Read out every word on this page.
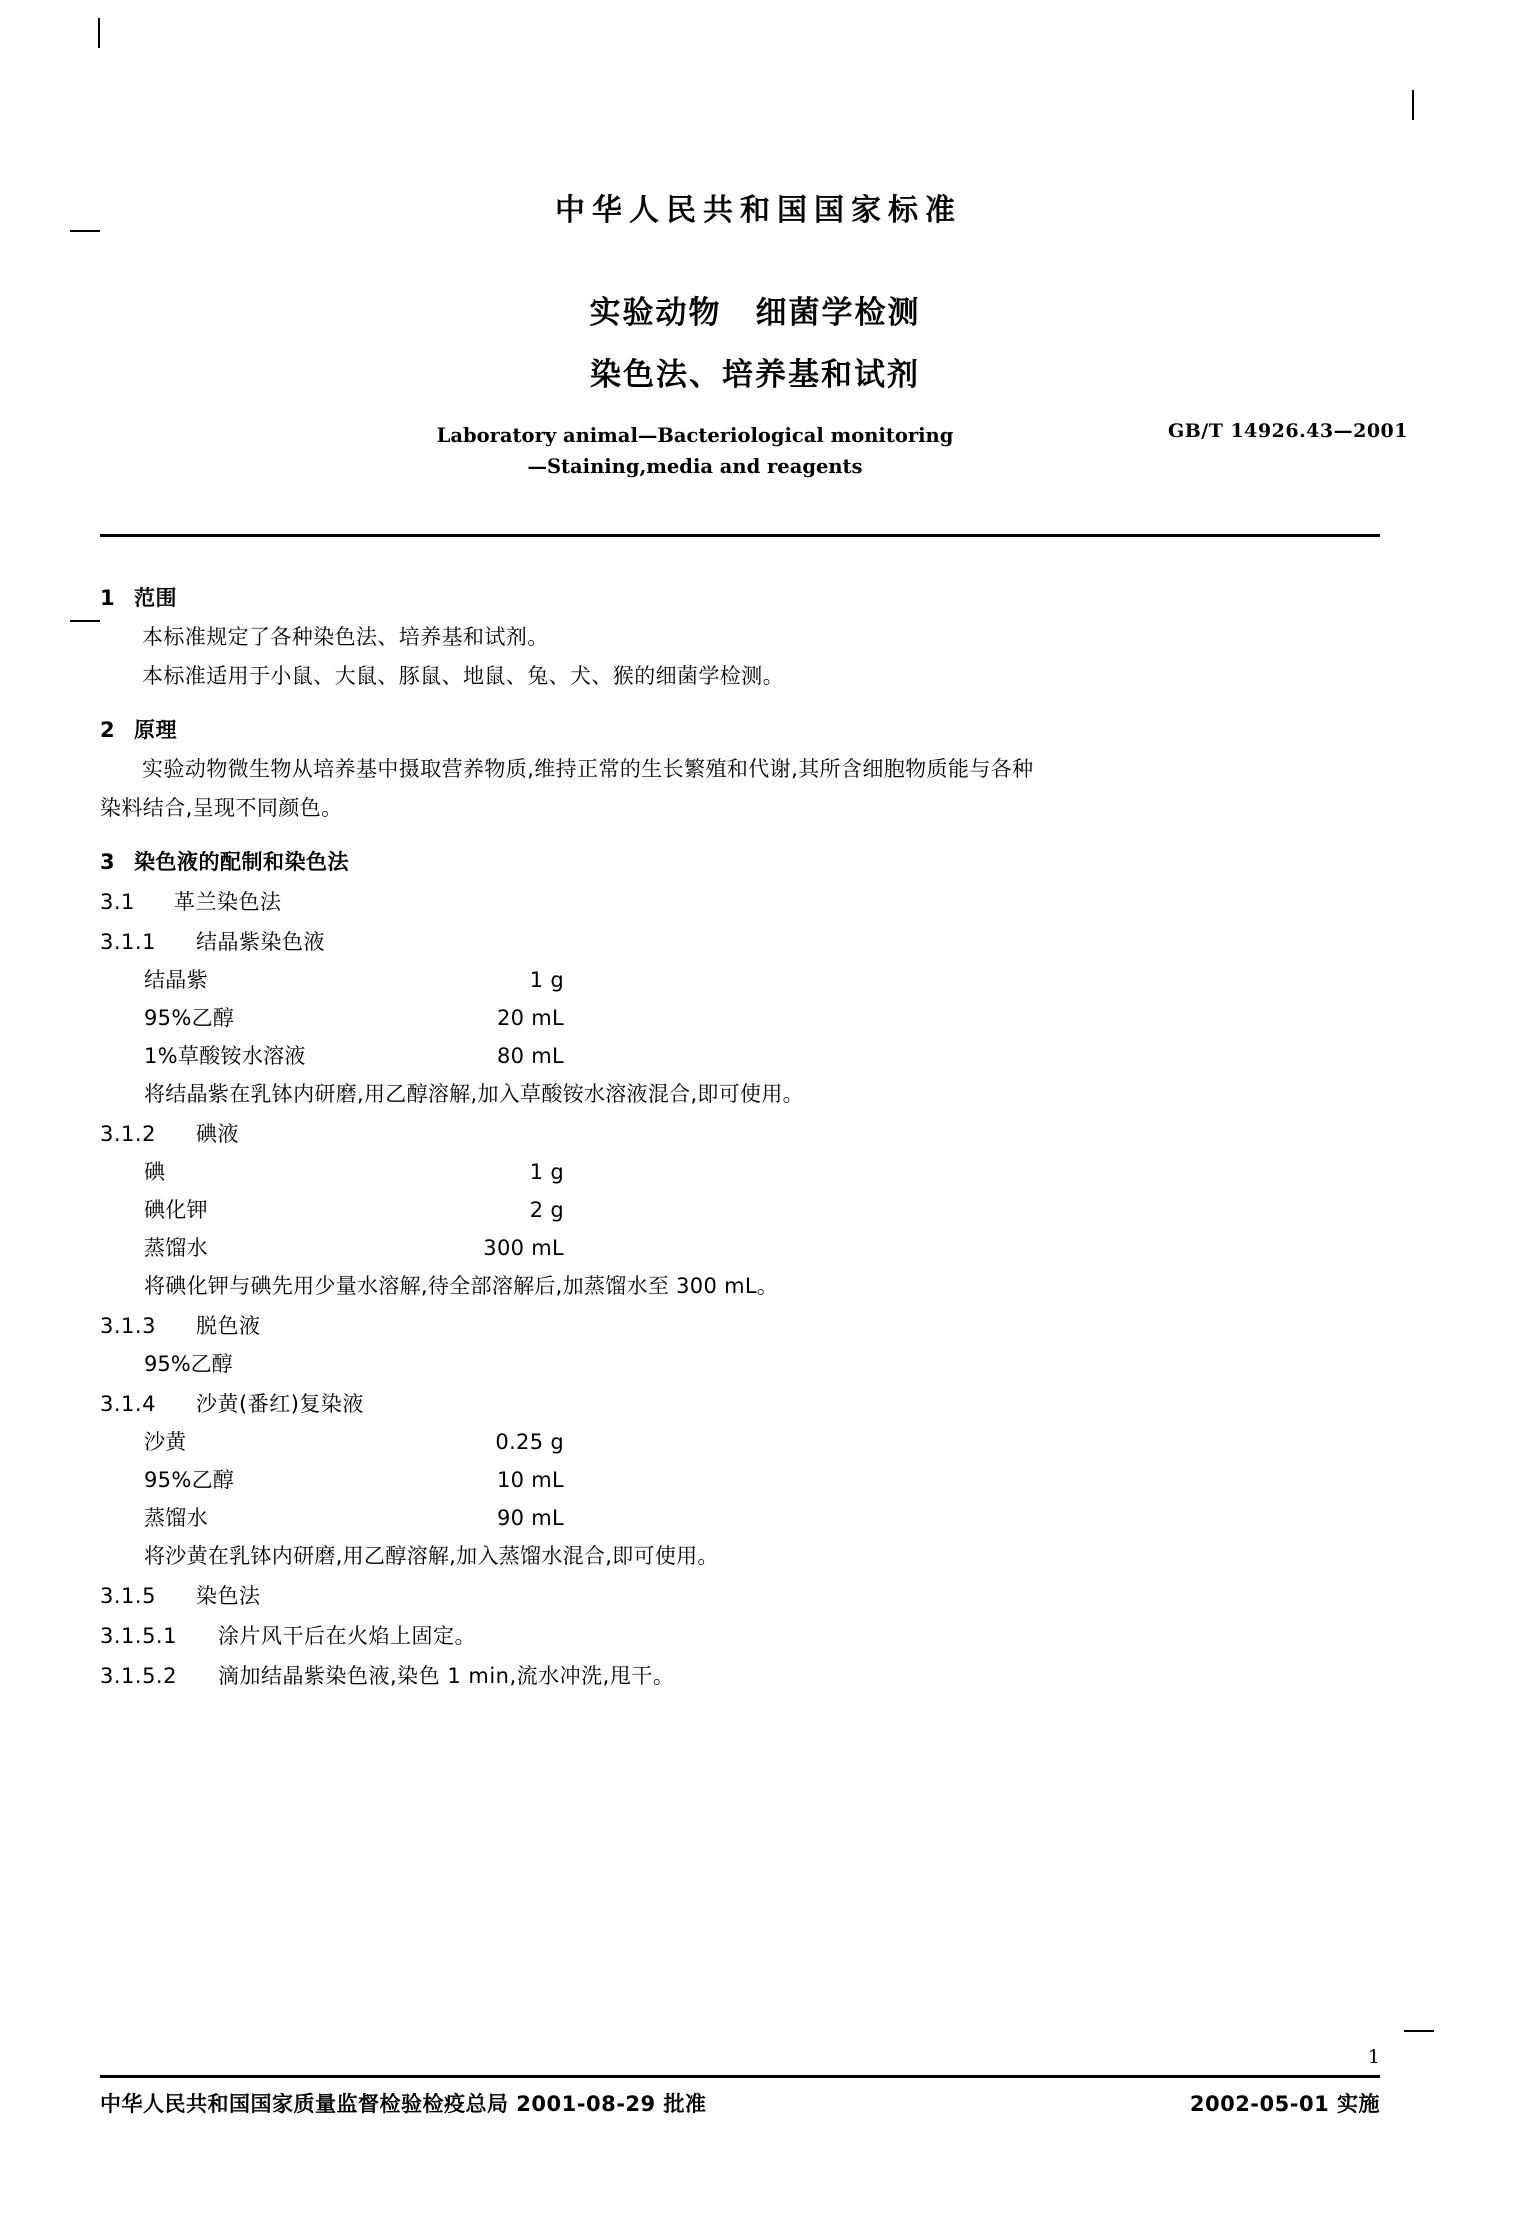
中华人民共和国国家标准
实验动物 细菌学检测
染色法、培养基和试剂
GB/T 14926.43—2001
Laboratory animal—Bacteriological monitoring
—Staining,media and reagents
1 范围
本标准规定了各种染色法、培养基和试剂。
本标准适用于小鼠、大鼠、豚鼠、地鼠、兔、犬、猴的细菌学检测。
2 原理
实验动物微生物从培养基中摄取营养物质,维持正常的生长繁殖和代谢,其所含细胞物质能与各种
染料结合,呈现不同颜色。
3 染色液的配制和染色法
3.1 革兰染色法
3.1.1 结晶紫染色液
结晶紫	1 g
95%乙醇	20 mL
1%草酸铵水溶液	80 mL
将结晶紫在乳钵内研磨,用乙醇溶解,加入草酸铵水溶液混合,即可使用。
3.1.2 碘液
碘	1 g
碘化钾	2 g
蒸馏水	300 mL
将碘化钾与碘先用少量水溶解,待全部溶解后,加蒸馏水至 300 mL。
3.1.3 脱色液
95%乙醇
3.1.4 沙黄(番红)复染液
沙黄	0.25 g
95%乙醇	10 mL
蒸馏水	90 mL
将沙黄在乳钵内研磨,用乙醇溶解,加入蒸馏水混合,即可使用。
3.1.5 染色法
3.1.5.1 涂片风干后在火焰上固定。
3.1.5.2 滴加结晶紫染色液,染色 1 min,流水冲洗,甩干。
中华人民共和国国家质量监督检验检疫总局 2001-08-29 批准	2002-05-01 实施
1
